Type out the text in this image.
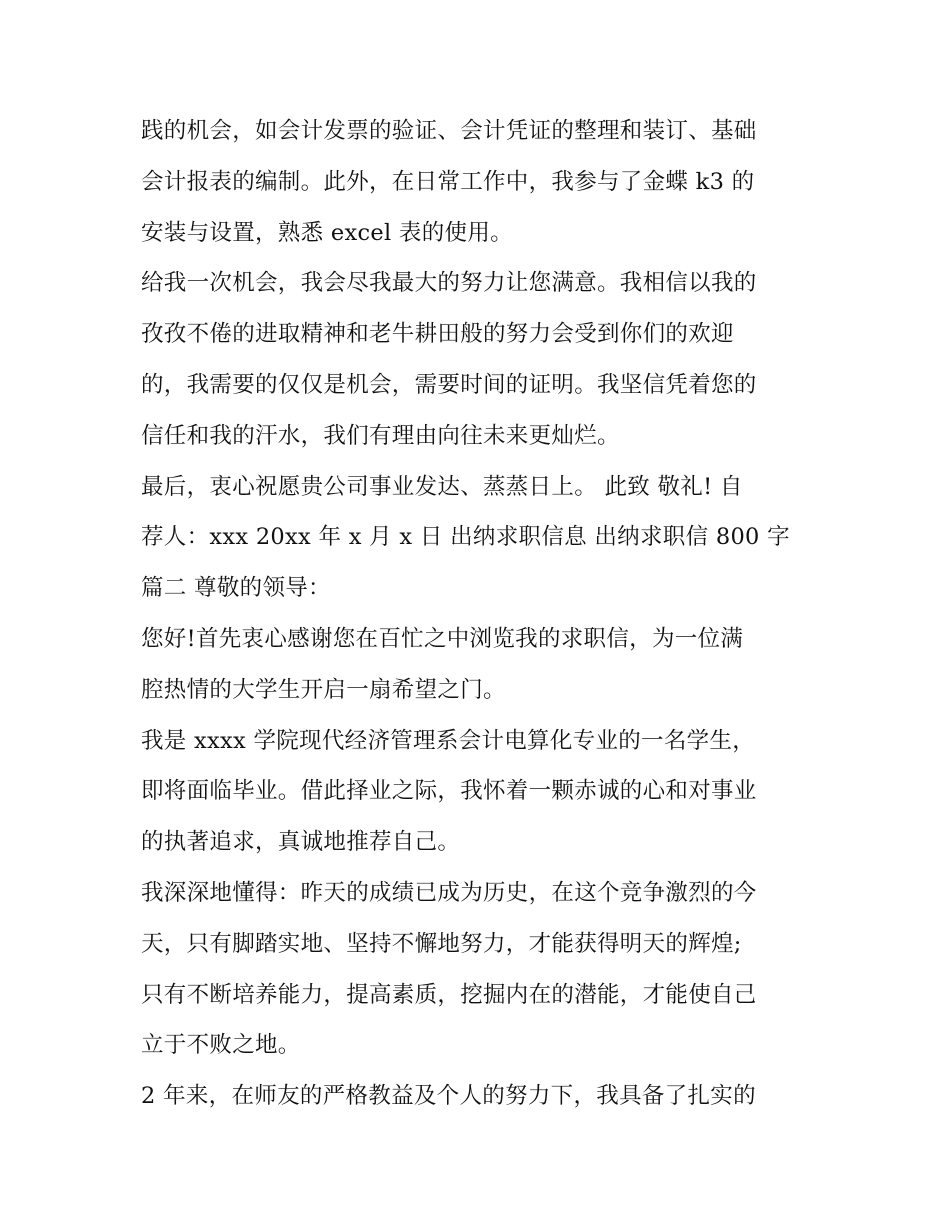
践的机会，如会计发票的验证、会计凭证的整理和装订、基础
会计报表的编制。此外，在日常工作中，我参与了金蝶 k3 的
安装与设置，熟悉 excel 表的使用。
给我一次机会，我会尽我最大的努力让您满意。我相信以我的
孜孜不倦的进取精神和老牛耕田般的努力会受到你们的欢迎
的，我需要的仅仅是机会，需要时间的证明。我坚信凭着您的
信任和我的汗水，我们有理由向往未来更灿烂。
最后，衷心祝愿贵公司事业发达、蒸蒸日上。 此致 敬礼! 自
荐人：xxx 20xx 年 x 月 x 日 出纳求职信息 出纳求职信 800 字
篇二 尊敬的领导：
您好!首先衷心感谢您在百忙之中浏览我的求职信，为一位满
腔热情的大学生开启一扇希望之门。
我是 xxxx 学院现代经济管理系会计电算化专业的一名学生，
即将面临毕业。借此择业之际，我怀着一颗赤诚的心和对事业
的执著追求，真诚地推荐自己。
我深深地懂得：昨天的成绩已成为历史，在这个竞争激烈的今
天，只有脚踏实地、坚持不懈地努力，才能获得明天的辉煌;
只有不断培养能力，提高素质，挖掘内在的潜能，才能使自己
立于不败之地。
2 年来，在师友的严格教益及个人的努力下，我具备了扎实的
